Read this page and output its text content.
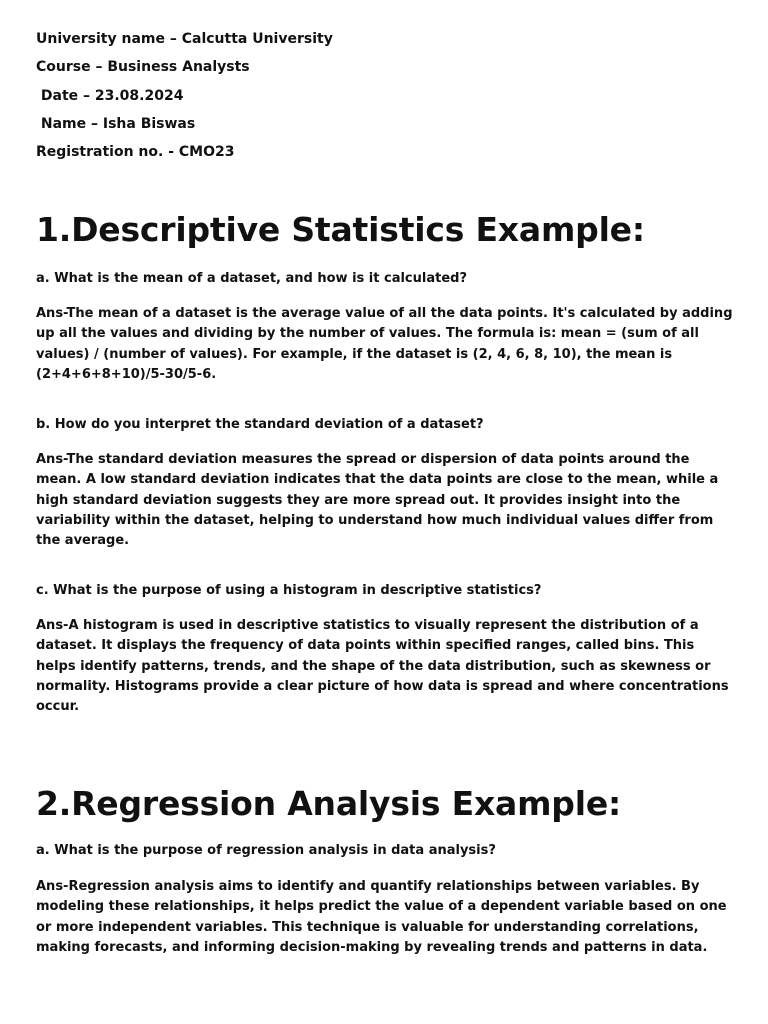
University name – Calcutta University
Course – Business Analysts
Date – 23.08.2024
Name – Isha Biswas
Registration no. - CMO23
1.Descriptive Statistics Example:
a. What is the mean of a dataset, and how is it calculated?

Ans-The mean of a dataset is the average value of all the data points. It's calculated by adding up all the values and dividing by the number of values. The formula is: mean = (sum of all values) / (number of values). For example, if the dataset is (2, 4, 6, 8, 10), the mean is (2+4+6+8+10)/5-30/5-6.

b. How do you interpret the standard deviation of a dataset?

Ans-The standard deviation measures the spread or dispersion of data points around the mean. A low standard deviation indicates that the data points are close to the mean, while a high standard deviation suggests they are more spread out. It provides insight into the variability within the dataset, helping to understand how much individual values differ from the average.

c. What is the purpose of using a histogram in descriptive statistics?

Ans-A histogram is used in descriptive statistics to visually represent the distribution of a dataset. It displays the frequency of data points within specified ranges, called bins. This helps identify patterns, trends, and the shape of the data distribution, such as skewness or normality. Histograms provide a clear picture of how data is spread and where concentrations occur.

2.Regression Analysis Example:
a. What is the purpose of regression analysis in data analysis?

Ans-Regression analysis aims to identify and quantify relationships between variables. By modeling these relationships, it helps predict the value of a dependent variable based on one or more independent variables. This technique is valuable for understanding correlations, making forecasts, and informing decision-making by revealing trends and patterns in data.
